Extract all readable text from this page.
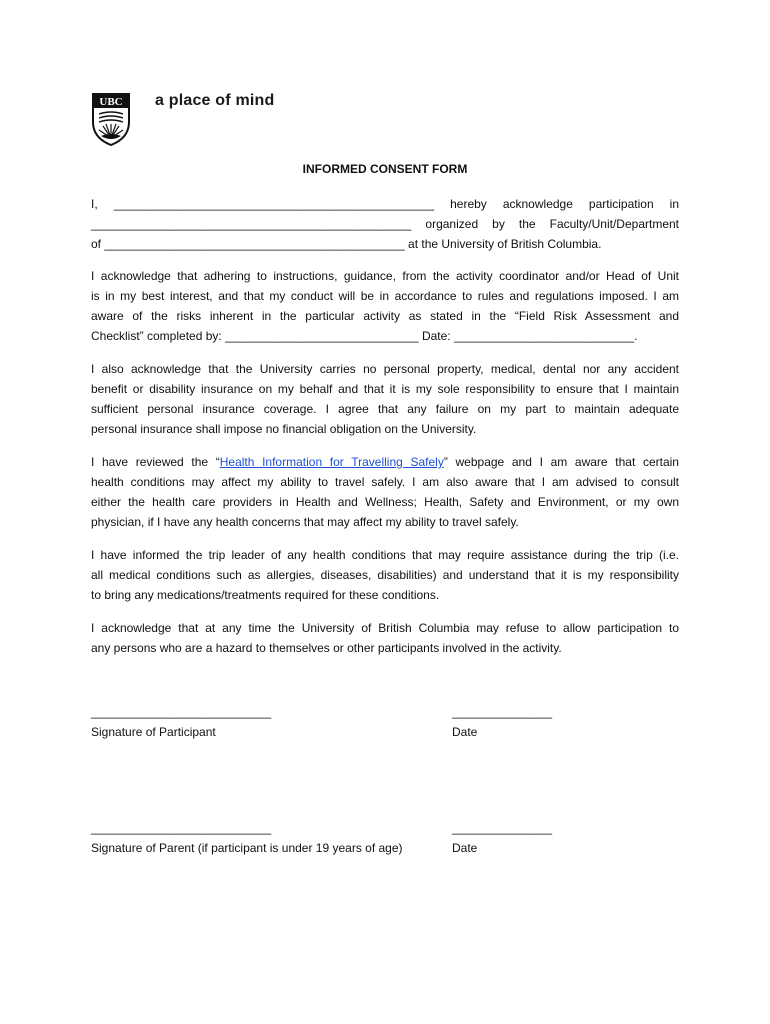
UBC a place of mind
INFORMED CONSENT FORM
I, ________________________________________________ hereby acknowledge participation in
________________________________________________ organized by the Faculty/Unit/Department
of _____________________________________________ at the University of British Columbia.
I acknowledge that adhering to instructions, guidance, from the activity coordinator and/or Head of Unit
is in my best interest, and that my conduct will be in accordance to rules and regulations imposed. I am
aware of the risks inherent in the particular activity as stated in the “Field Risk Assessment and
Checklist” completed by: _____________________________ Date: ___________________________.
I also acknowledge that the University carries no personal property, medical, dental nor any accident
benefit or disability insurance on my behalf and that it is my sole responsibility to ensure that I maintain
sufficient personal insurance coverage. I agree that any failure on my part to maintain adequate
personal insurance shall impose no financial obligation on the University.
I have reviewed the “Health Information for Travelling Safely” webpage and I am aware that certain
health conditions may affect my ability to travel safely. I am also aware that I am advised to consult
either the health care providers in Health and Wellness; Health, Safety and Environment, or my own
physician, if I have any health concerns that may affect my ability to travel safely.
I have informed the trip leader of any health conditions that may require assistance during the trip (i.e.
all medical conditions such as allergies, diseases, disabilities) and understand that it is my responsibility
to bring any medications/treatments required for these conditions.
I acknowledge that at any time the University of British Columbia may refuse to allow participation to
any persons who are a hazard to themselves or other participants involved in the activity.
___________________________
Signature of Participant
_______________
Date
___________________________
Signature of Parent (if participant is under 19 years of age)
_______________
Date
